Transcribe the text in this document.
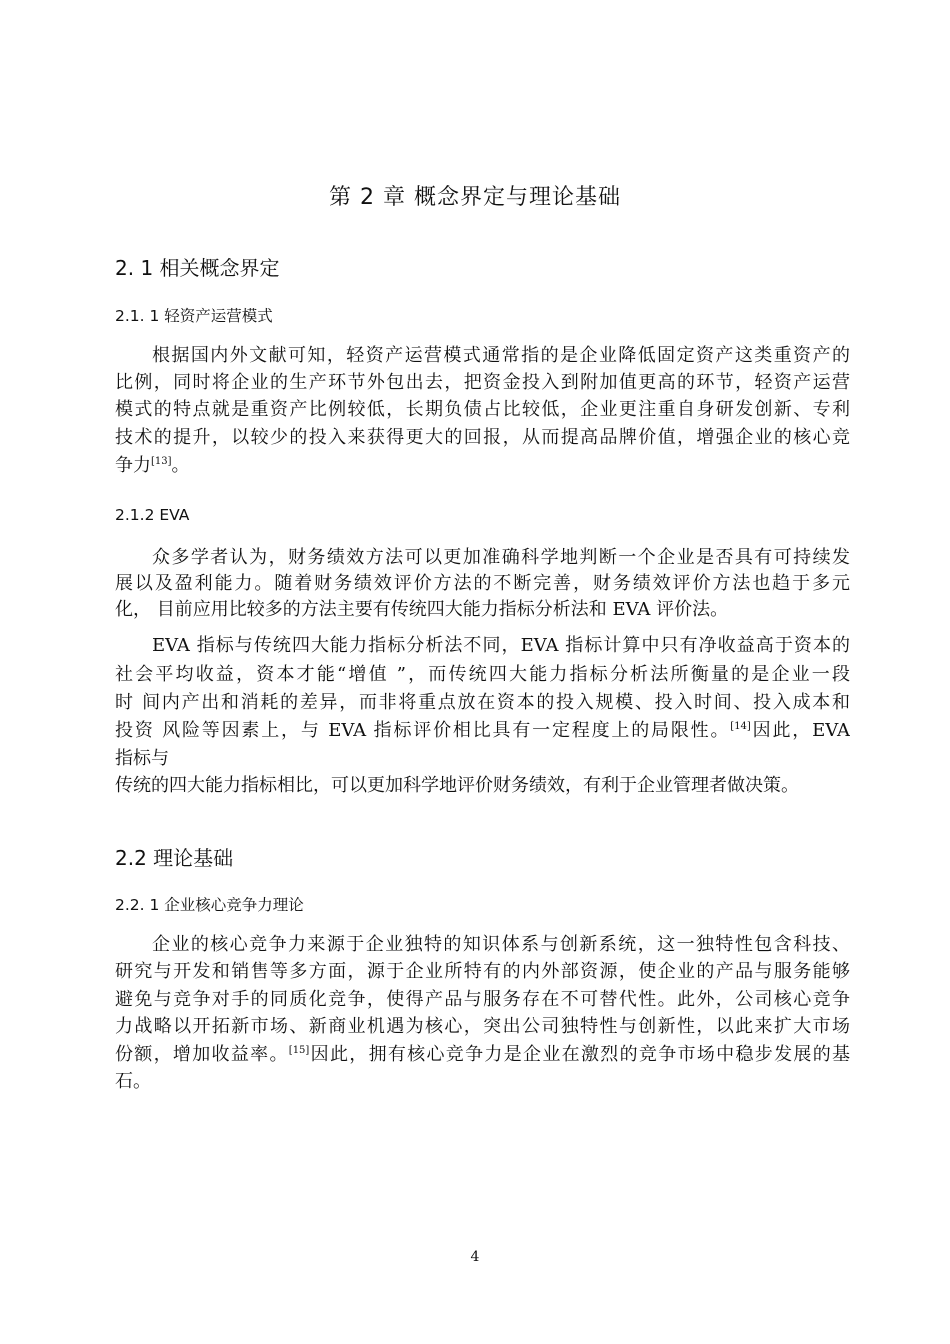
第 2 章 概念界定与理论基础
2. 1 相关概念界定
2.1. 1 轻资产运营模式
根据国内外文献可知，轻资产运营模式通常指的是企业降低固定资产这类重资产的
比例，同时将企业的生产环节外包出去，把资金投入到附加值更高的环节，轻资产运营
模式的特点就是重资产比例较低，长期负债占比较低，企业更注重自身研发创新、专利
技术的提升，以较少的投入来获得更大的回报，从而提高品牌价值，增强企业的核心竞
争力[13]。
2.1.2 EVA
众多学者认为，财务绩效方法可以更加准确科学地判断一个企业是否具有可持续发
展以及盈利能力。随着财务绩效评价方法的不断完善，财务绩效评价方法也趋于多元
化， 目前应用比较多的方法主要有传统四大能力指标分析法和 EVA 评价法。
EVA 指标与传统四大能力指标分析法不同，EVA 指标计算中只有净收益高于资本的
社会平均收益，资本才能“增值 ”，而传统四大能力指标分析法所衡量的是企业一段
时 间内产出和消耗的差异，而非将重点放在资本的投入规模、投入时间、投入成本和
投资 风险等因素上，与 EVA 指标评价相比具有一定程度上的局限性。[14]因此，EVA
指标与
传统的四大能力指标相比，可以更加科学地评价财务绩效，有利于企业管理者做决策。
2.2 理论基础
2.2. 1 企业核心竞争力理论
企业的核心竞争力来源于企业独特的知识体系与创新系统，这一独特性包含科技、
研究与开发和销售等多方面，源于企业所特有的内外部资源，使企业的产品与服务能够
避免与竞争对手的同质化竞争，使得产品与服务存在不可替代性。此外，公司核心竞争
力战略以开拓新市场、新商业机遇为核心，突出公司独特性与创新性，以此来扩大市场
份额，增加收益率。[15]因此，拥有核心竞争力是企业在激烈的竞争市场中稳步发展的基
石。
4
